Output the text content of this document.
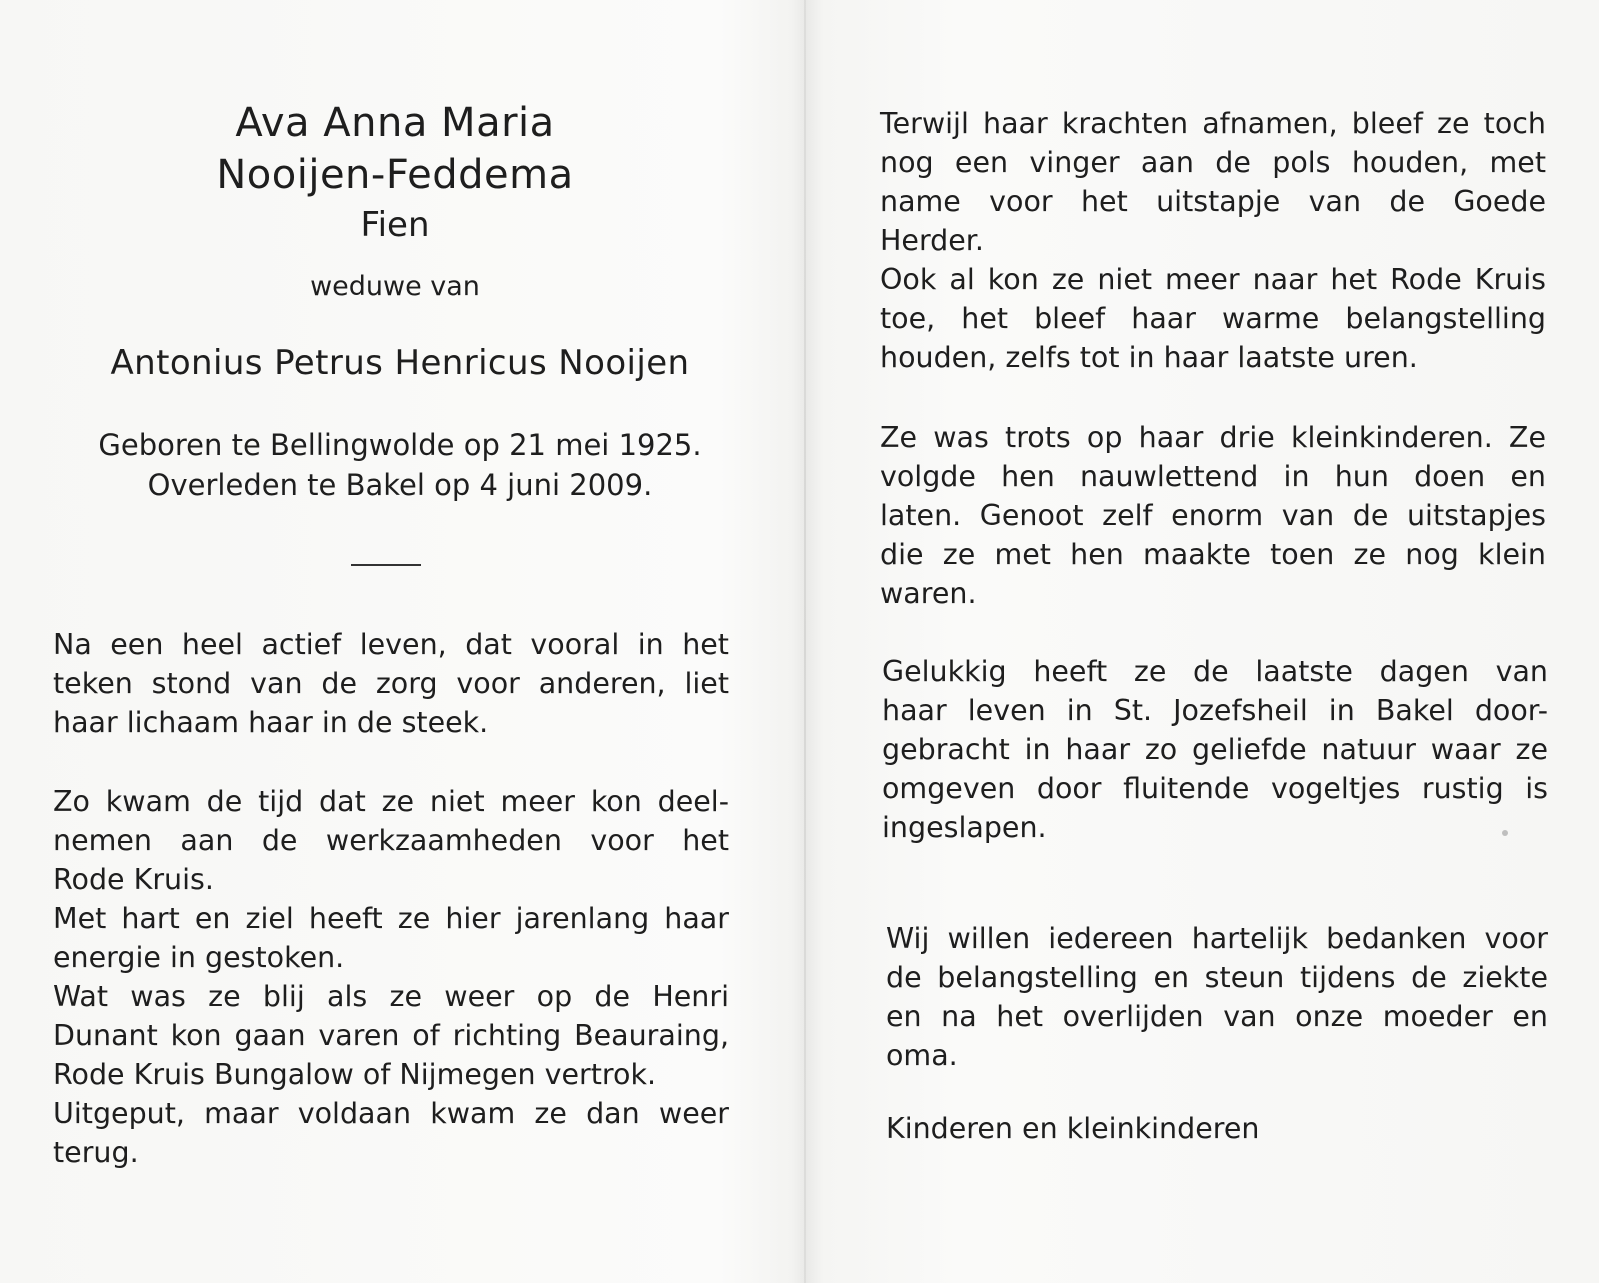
Ava Anna Maria
Nooijen-Feddema
Fien
weduwe van
Antonius Petrus Henricus Nooijen
Geboren te Bellingwolde op 21 mei 1925.
Overleden te Bakel op 4 juni 2009.
Na een heel actief leven, dat vooral in het
teken stond van de zorg voor anderen, liet
haar lichaam haar in de steek.
Zo kwam de tijd dat ze niet meer kon deel-
nemen aan de werkzaamheden voor het
Rode Kruis.
Met hart en ziel heeft ze hier jarenlang haar
energie in gestoken.
Wat was ze blij als ze weer op de Henri
Dunant kon gaan varen of richting Beauraing,
Rode Kruis Bungalow of Nijmegen vertrok.
Uitgeput, maar voldaan kwam ze dan weer
terug.
Terwijl haar krachten afnamen, bleef ze toch
nog een vinger aan de pols houden, met
name voor het uitstapje van de Goede
Herder.
Ook al kon ze niet meer naar het Rode Kruis
toe, het bleef haar warme belangstelling
houden, zelfs tot in haar laatste uren.
Ze was trots op haar drie kleinkinderen. Ze
volgde hen nauwlettend in hun doen en
laten. Genoot zelf enorm van de uitstapjes
die ze met hen maakte toen ze nog klein
waren.
Gelukkig heeft ze de laatste dagen van
haar leven in St. Jozefsheil in Bakel door-
gebracht in haar zo geliefde natuur waar ze
omgeven door fluitende vogeltjes rustig is
ingeslapen.
Wij willen iedereen hartelijk bedanken voor
de belangstelling en steun tijdens de ziekte
en na het overlijden van onze moeder en
oma.
Kinderen en kleinkinderen
